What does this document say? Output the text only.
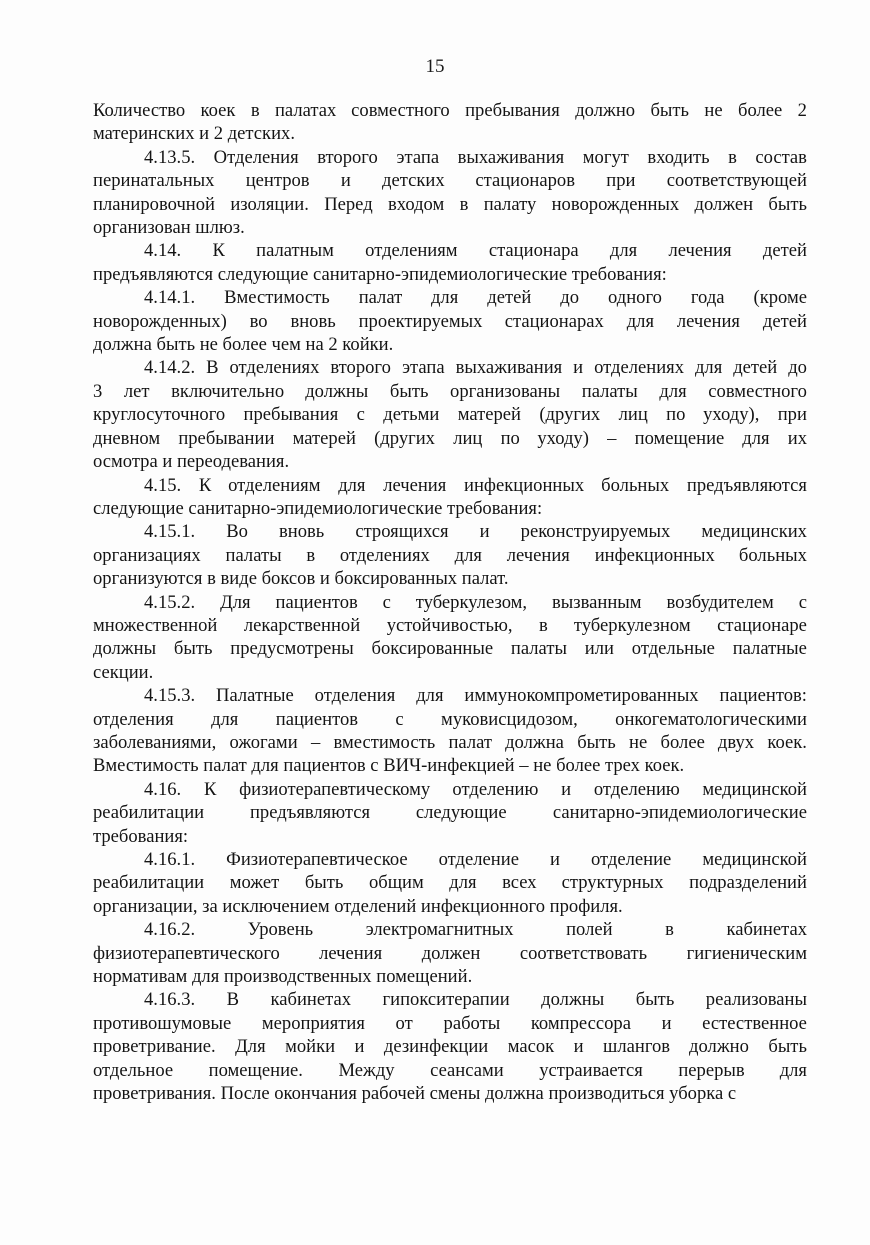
15
Количество коек в палатах совместного пребывания должно быть не более 2
материнских и 2 детских.
4.13.5. Отделения второго этапа выхаживания могут входить в состав
перинатальных центров и детских стационаров при соответствующей
планировочной изоляции. Перед входом в палату новорожденных должен быть
организован шлюз.
4.14. К палатным отделениям стационара для лечения детей
предъявляются следующие санитарно-эпидемиологические требования:
4.14.1. Вместимость палат для детей до одного года (кроме
новорожденных) во вновь проектируемых стационарах для лечения детей
должна быть не более чем на 2 койки.
4.14.2. В отделениях второго этапа выхаживания и отделениях для детей до
3 лет включительно должны быть организованы палаты для совместного
круглосуточного пребывания с детьми матерей (других лиц по уходу), при
дневном пребывании матерей (других лиц по уходу) – помещение для их
осмотра и переодевания.
4.15. К отделениям для лечения инфекционных больных предъявляются
следующие санитарно-эпидемиологические требования:
4.15.1. Во вновь строящихся и реконструируемых медицинских
организациях палаты в отделениях для лечения инфекционных больных
организуются в виде боксов и боксированных палат.
4.15.2. Для пациентов с туберкулезом, вызванным возбудителем с
множественной лекарственной устойчивостью, в туберкулезном стационаре
должны быть предусмотрены боксированные палаты или отдельные палатные
секции.
4.15.3. Палатные отделения для иммунокомпрометированных пациентов:
отделения для пациентов с муковисцидозом, онкогематологическими
заболеваниями, ожогами – вместимость палат должна быть не более двух коек.
Вместимость палат для пациентов с ВИЧ-инфекцией – не более трех коек.
4.16. К физиотерапевтическому отделению и отделению медицинской
реабилитации предъявляются следующие санитарно-эпидемиологические
требования:
4.16.1. Физиотерапевтическое отделение и отделение медицинской
реабилитации может быть общим для всех структурных подразделений
организации, за исключением отделений инфекционного профиля.
4.16.2.	Уровень	электромагнитных	полей	в	кабинетах
физиотерапевтического лечения должен соответствовать гигиеническим
нормативам для производственных помещений.
4.16.3. В кабинетах гипокситерапии должны быть реализованы
противошумовые мероприятия от работы компрессора и естественное
проветривание. Для мойки и дезинфекции масок и шлангов должно быть
отдельное помещение. Между сеансами устраивается перерыв для
проветривания. После окончания рабочей смены должна производиться уборка с
